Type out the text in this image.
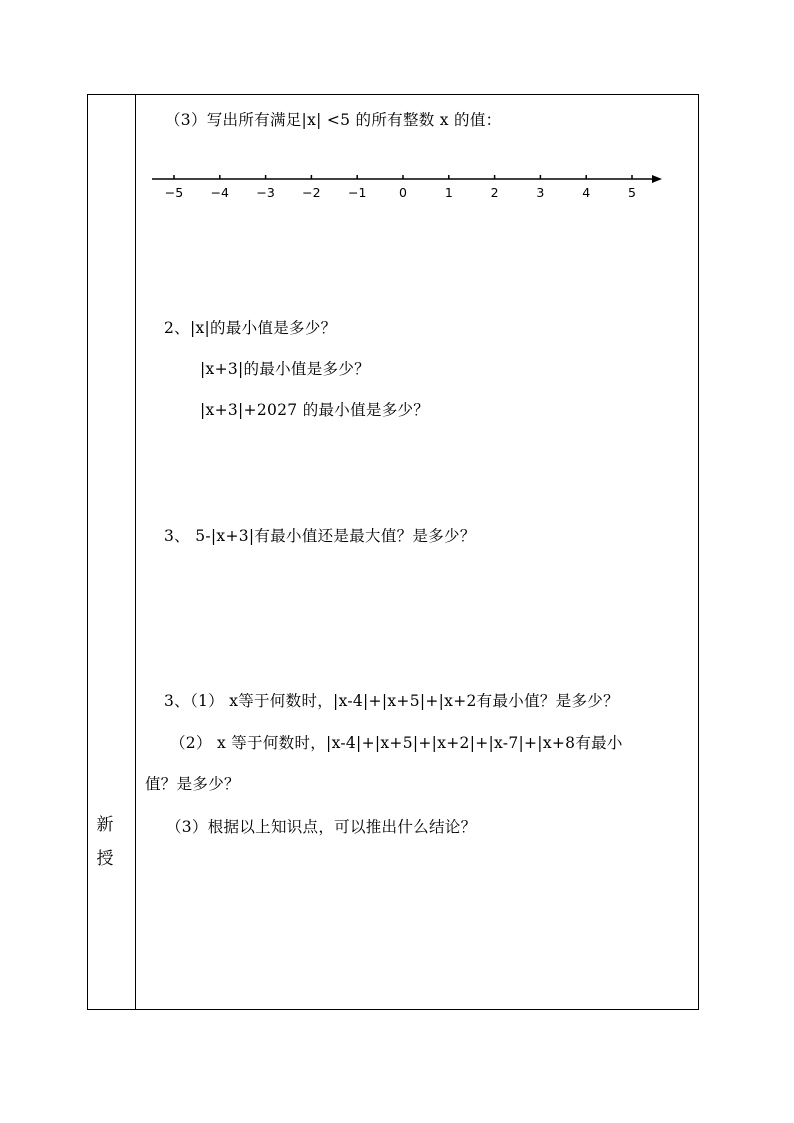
新
授
（3）写出所有满足|x| <5 的所有整数 x 的值：
−5 −4 −3 −2 −1	0	1	2	3	4	5
2、|x|的最小值是多少？
|x+3|的最小值是多少？
|x+3|+2027 的最小值是多少？
3、 5-|x+3|有最小值还是最大值？是多少？
3、（1） x等于何数时，|x-4|+|x+5|+|x+2有最小值？是多少？
（2） x 等于何数时，|x-4|+|x+5|+|x+2|+|x-7|+|x+8有最小
值？是多少？
（3）根据以上知识点，可以推出什么结论？
